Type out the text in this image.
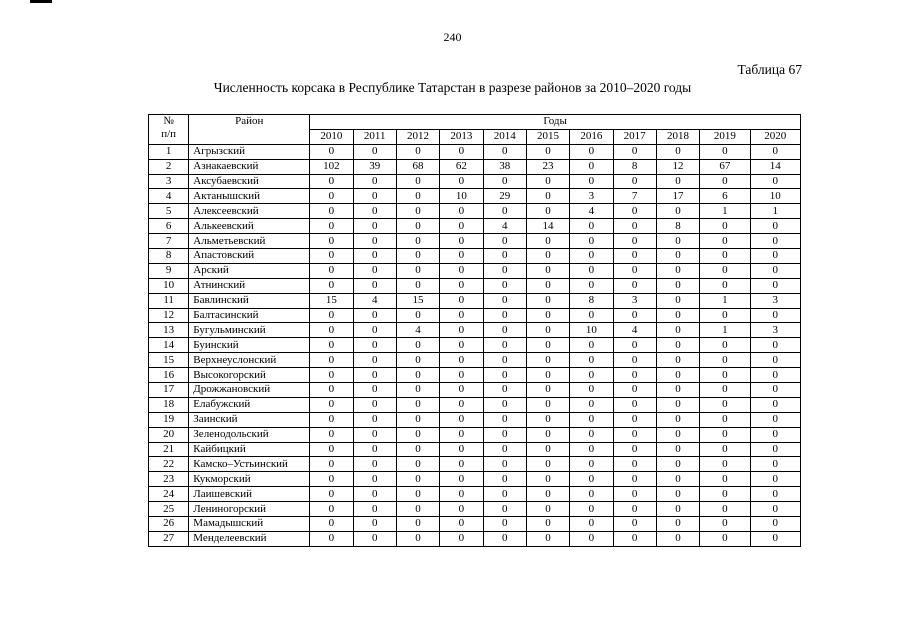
240
Таблица 67
Численность корсака в Республике Татарстан в разрезе районов за 2010–2020 годы
№
п/п	Район	Годы										
		2010	2011	2012	2013	2014	2015	2016	2017	2018	2019	2020
1	Агрызский	0	0	0	0	0	0	0	0	0	0	0
2	Азнакаевский	102	39	68	62	38	23	0	8	12	67	14
3	Аксубаевский	0	0	0	0	0	0	0	0	0	0	0
4	Актанышский	0	0	0	10	29	0	3	7	17	6	10
5	Алексеевский	0	0	0	0	0	0	4	0	0	1	1
6	Алькеевский	0	0	0	0	4	14	0	0	8	0	0
7	Альметьевский	0	0	0	0	0	0	0	0	0	0	0
8	Апастовский	0	0	0	0	0	0	0	0	0	0	0
9	Арский	0	0	0	0	0	0	0	0	0	0	0
10	Атнинский	0	0	0	0	0	0	0	0	0	0	0
11	Бавлинский	15	4	15	0	0	0	8	3	0	1	3
12	Балтасинский	0	0	0	0	0	0	0	0	0	0	0
13	Бугульминский	0	0	4	0	0	0	10	4	0	1	3
14	Буинский	0	0	0	0	0	0	0	0	0	0	0
15	Верхнеуслонский	0	0	0	0	0	0	0	0	0	0	0
16	Высокогорский	0	0	0	0	0	0	0	0	0	0	0
17	Дрожжановский	0	0	0	0	0	0	0	0	0	0	0
18	Елабужский	0	0	0	0	0	0	0	0	0	0	0
19	Заинский	0	0	0	0	0	0	0	0	0	0	0
20	Зеленодольский	0	0	0	0	0	0	0	0	0	0	0
21	Кайбицкий	0	0	0	0	0	0	0	0	0	0	0
22	Камско–Устьинский	0	0	0	0	0	0	0	0	0	0	0
23	Кукморский	0	0	0	0	0	0	0	0	0	0	0
24	Лаишевский	0	0	0	0	0	0	0	0	0	0	0
25	Лениногорский	0	0	0	0	0	0	0	0	0	0	0
26	Мамадышский	0	0	0	0	0	0	0	0	0	0	0
27	Менделеевский	0	0	0	0	0	0	0	0	0	0	0
